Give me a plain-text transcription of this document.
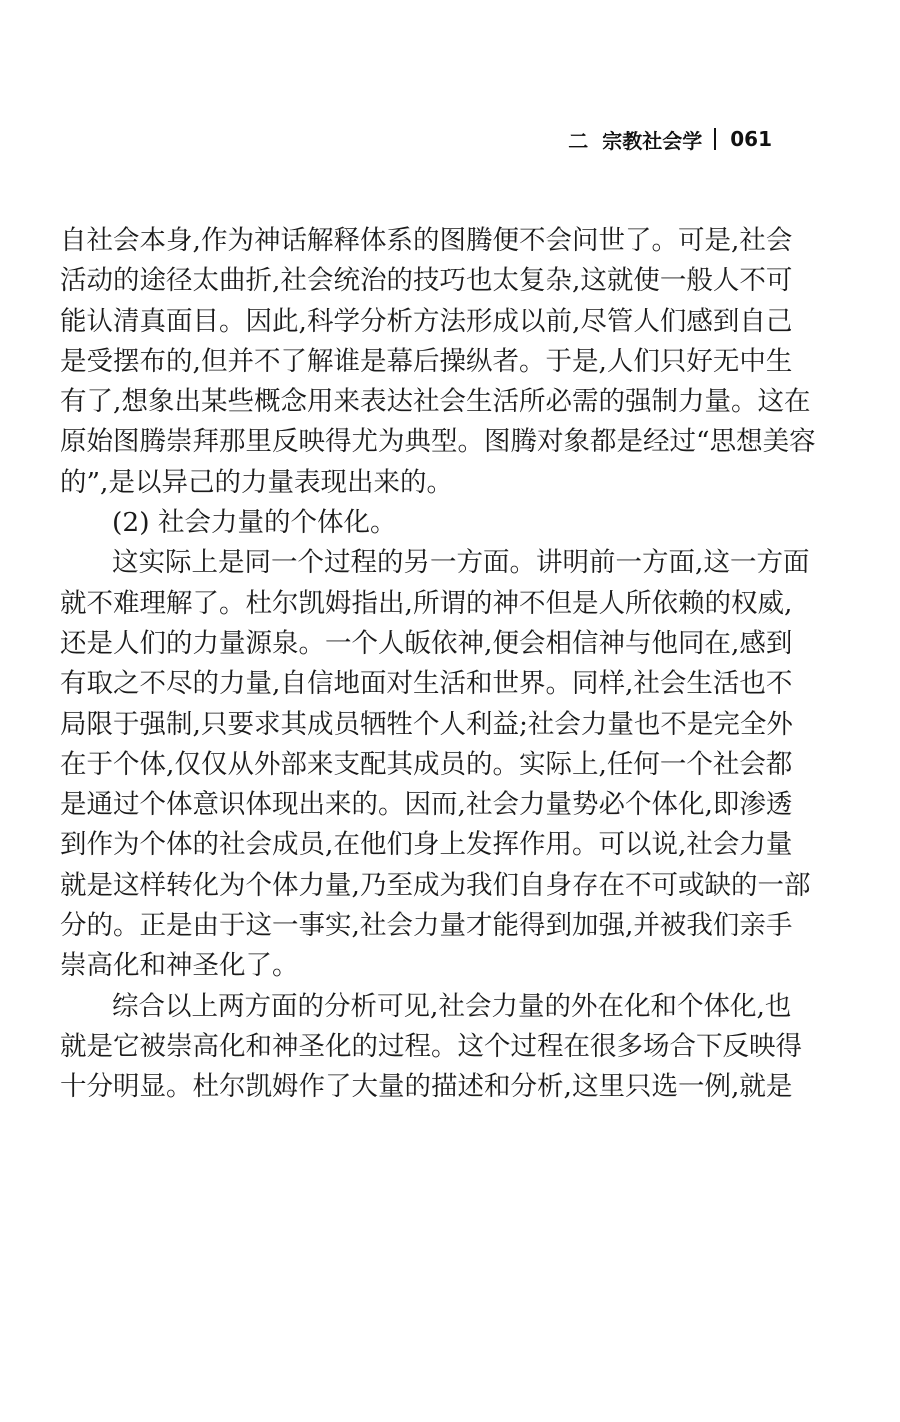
二 宗教社会学 061
自 社 会 本 身 , 作 为 神 话 解 释 体 系 的 图 腾 便 不 会 问 世 了 。 可 是 , 社 会
活 动 的 途 径 太 曲 折 , 社 会 统 治 的 技 巧 也 太 复 杂 , 这 就 使 一 般 人 不 可
能 认 清 真 面 目 。 因 此 , 科 学 分 析 方 法 形 成 以 前 , 尽 管 人 们 感 到 自 己
是 受 摆 布 的 , 但 并 不 了 解 谁 是 幕 后 操 纵 者 。 于 是 , 人 们 只 好 无 中 生
有 了 , 想 象 出 某 些 概 念 用 来 表 达 社 会 生 活 所 必 需 的 强 制 力 量 。 这 在
原 始 图 腾 崇 拜 那 里 反 映 得 尤 为 典 型 。 图 腾 对 象 都 是 经 过 “ 思 想 美 容
的”,是以异己的力量表现出来的。
(2) 社会力量的个体化。
这 实 际 上 是 同 一 个 过 程 的 另 一 方 面 。 讲 明 前 一 方 面 , 这 一 方 面
就 不 难 理 解 了 。 杜 尔 凯 姆 指 出 , 所 谓 的 神 不 但 是 人 所 依 赖 的 权 威 ,
还 是 人 们 的 力 量 源 泉 。 一 个 人 皈 依 神 , 便 会 相 信 神 与 他 同 在 , 感 到
有 取 之 不 尽 的 力 量 , 自 信 地 面 对 生 活 和 世 界 。 同 样 , 社 会 生 活 也 不
局 限 于 强 制 , 只 要 求 其 成 员 牺 牲 个 人 利 益 ; 社 会 力 量 也 不 是 完 全 外
在 于 个 体 , 仅 仅 从 外 部 来 支 配 其 成 员 的 。 实 际 上 , 任 何 一 个 社 会 都
是 通 过 个 体 意 识 体 现 出 来 的 。 因 而 , 社 会 力 量 势 必 个 体 化 , 即 渗 透
到 作 为 个 体 的 社 会 成 员 , 在 他 们 身 上 发 挥 作 用 。 可 以 说 , 社 会 力 量
就 是 这 样 转 化 为 个 体 力 量 , 乃 至 成 为 我 们 自 身 存 在 不 可 或 缺 的 一 部
分 的 。 正 是 由 于 这 一 事 实 , 社 会 力 量 才 能 得 到 加 强 , 并 被 我 们 亲 手
崇高化和神圣化了。
综 合 以 上 两 方 面 的 分 析 可 见 , 社 会 力 量 的 外 在 化 和 个 体 化 , 也
就 是 它 被 崇 高 化 和 神 圣 化 的 过 程 。 这 个 过 程 在 很 多 场 合 下 反 映 得
十 分 明 显 。 杜 尔 凯 姆 作 了 大 量 的 描 述 和 分 析 , 这 里 只 选 一 例 , 就 是
